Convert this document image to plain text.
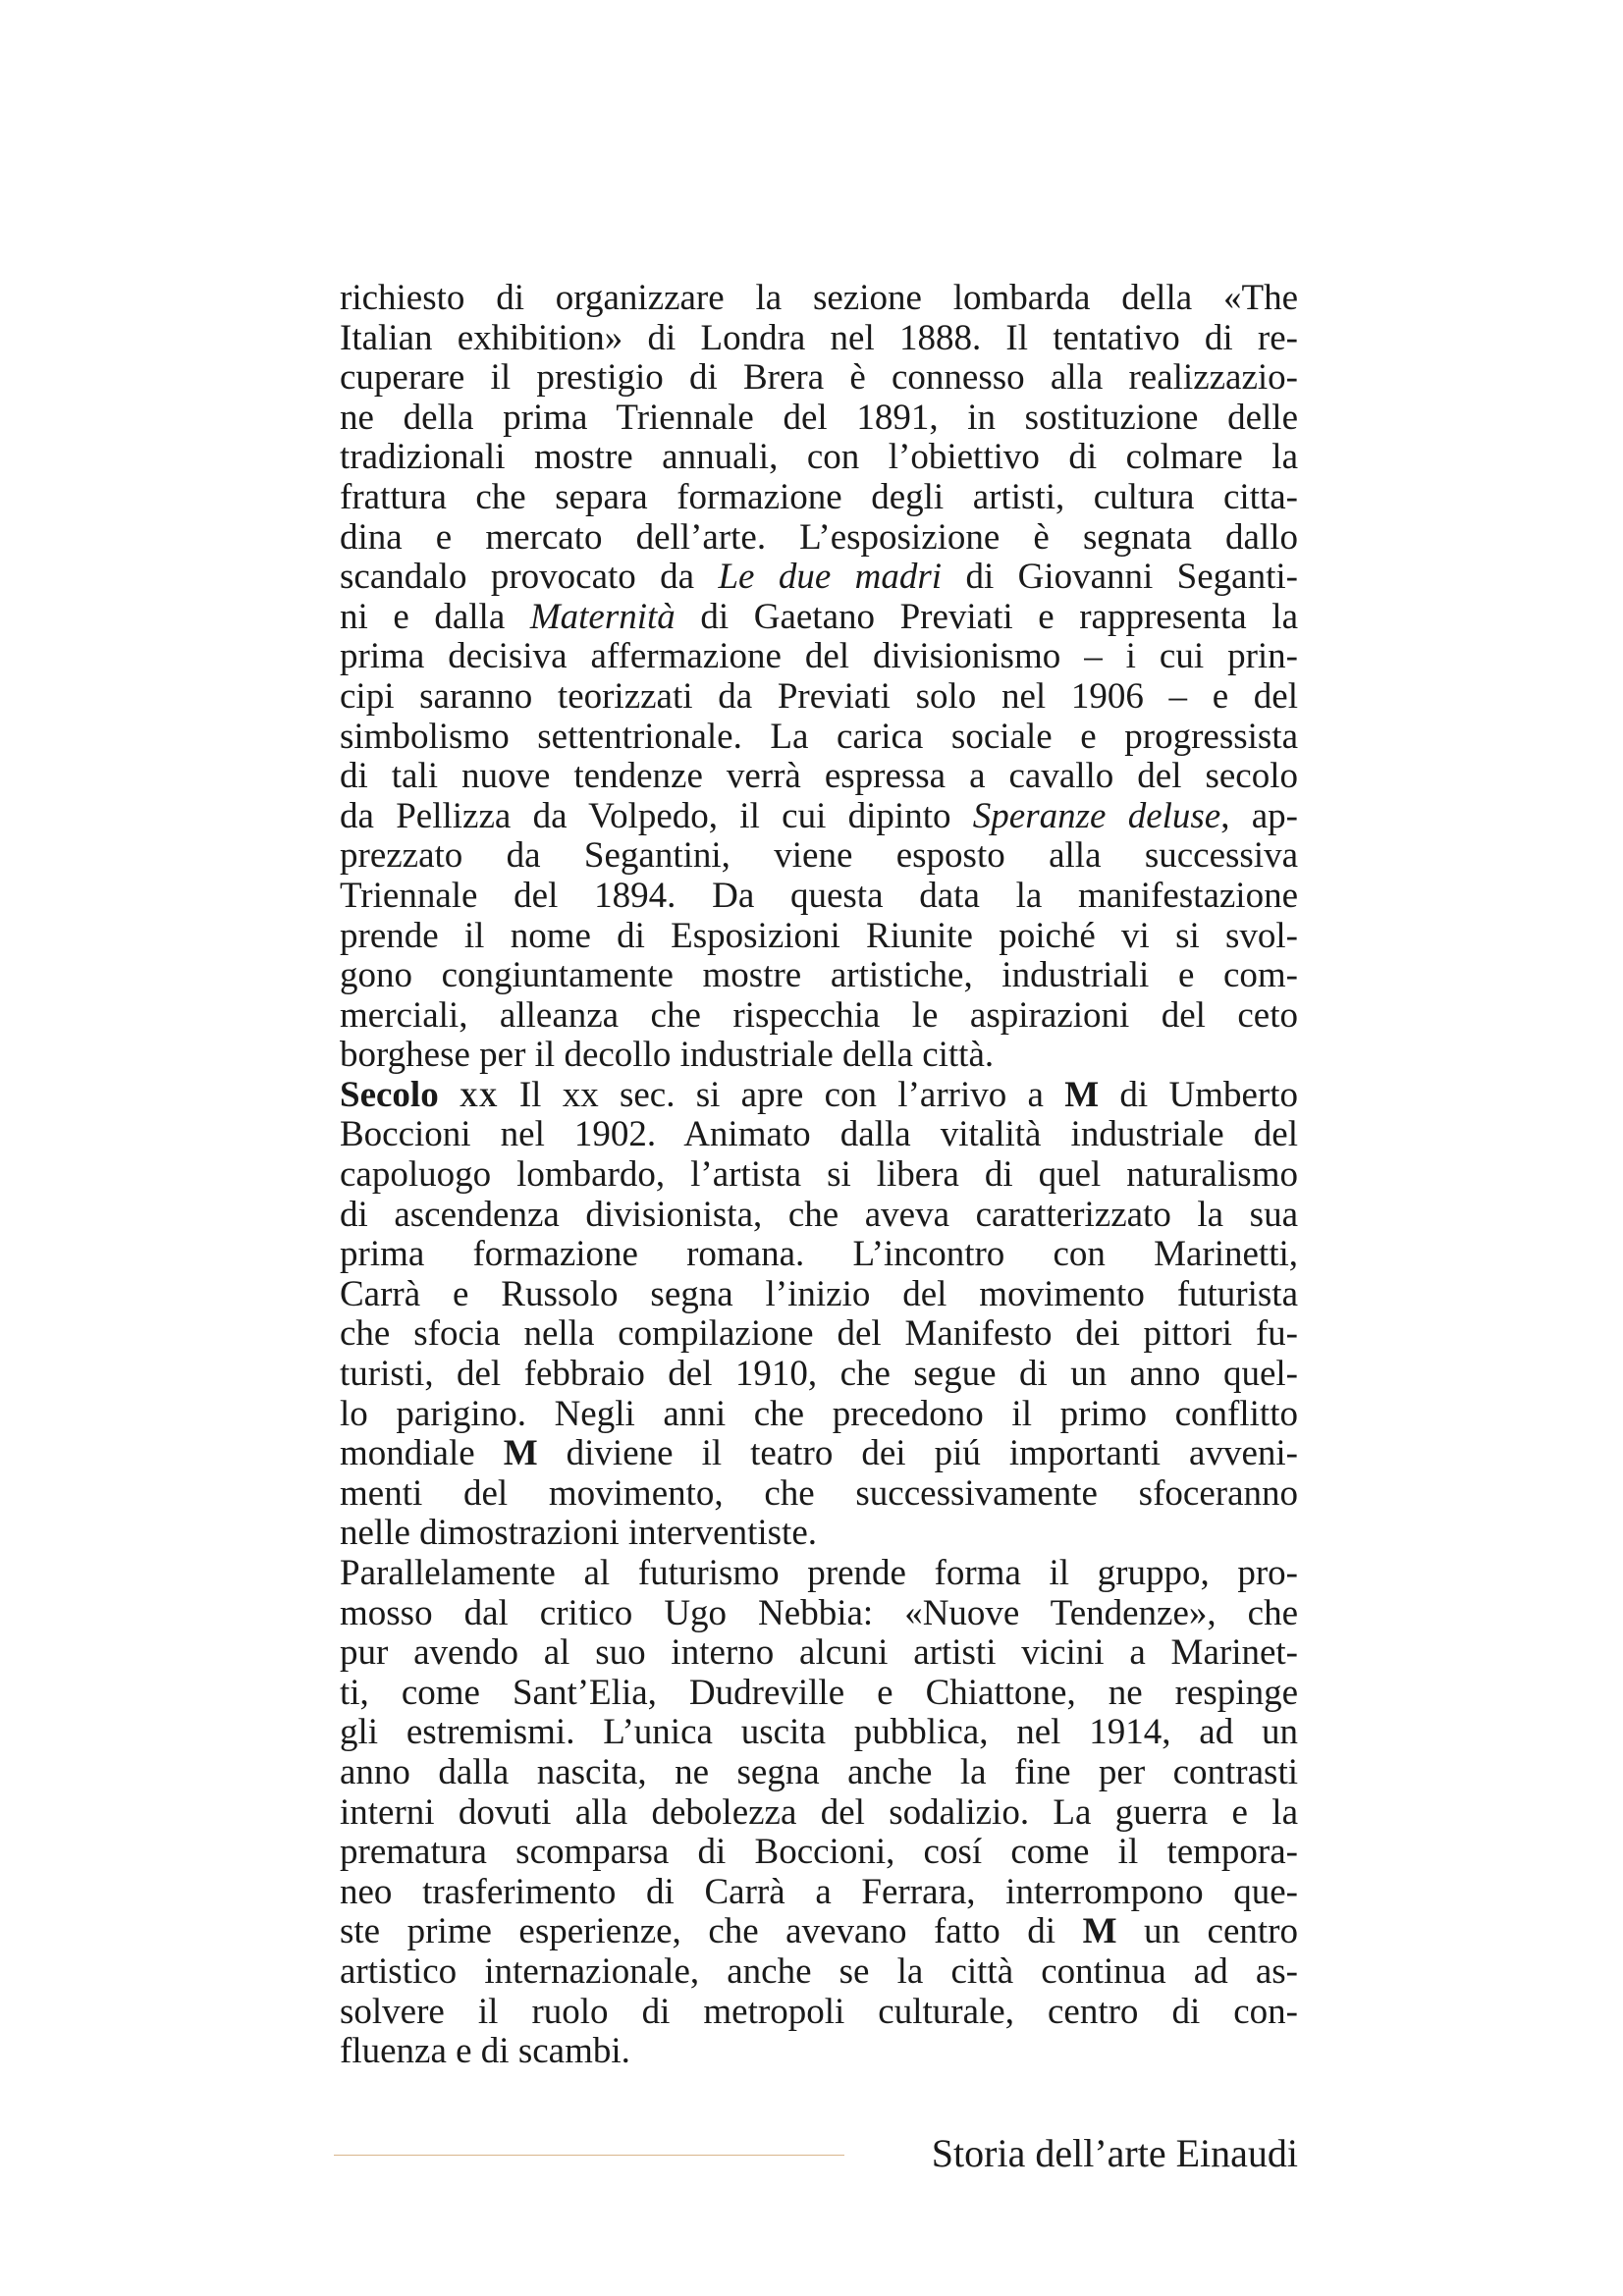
richiesto di organizzare la sezione lombarda della «The
Italian exhibition» di Londra nel 1888. Il tentativo di re-
cuperare il prestigio di Brera è connesso alla realizzazio-
ne della prima Triennale del 1891, in sostituzione delle
tradizionali mostre annuali, con l’obiettivo di colmare la
frattura che separa formazione degli artisti, cultura citta-
dina e mercato dell’arte. L’esposizione è segnata dallo
scandalo provocato da Le due madri di Giovanni Seganti-
ni e dalla Maternità di Gaetano Previati e rappresenta la
prima decisiva affermazione del divisionismo – i cui prin-
cipi saranno teorizzati da Previati solo nel 1906 – e del
simbolismo settentrionale. La carica sociale e progressista
di tali nuove tendenze verrà espressa a cavallo del secolo
da Pellizza da Volpedo, il cui dipinto Speranze deluse, ap-
prezzato da Segantini, viene esposto alla successiva
Triennale del 1894. Da questa data la manifestazione
prende il nome di Esposizioni Riunite poiché vi si svol-
gono congiuntamente mostre artistiche, industriali e com-
merciali, alleanza che rispecchia le aspirazioni del ceto
borghese per il decollo industriale della città.
Secolo xx Il xx sec. si apre con l’arrivo a M di Umberto
Boccioni nel 1902. Animato dalla vitalità industriale del
capoluogo lombardo, l’artista si libera di quel naturalismo
di ascendenza divisionista, che aveva caratterizzato la sua
prima formazione romana. L’incontro con Marinetti,
Carrà e Russolo segna l’inizio del movimento futurista
che sfocia nella compilazione del Manifesto dei pittori fu-
turisti, del febbraio del 1910, che segue di un anno quel-
lo parigino. Negli anni che precedono il primo conflitto
mondiale M diviene il teatro dei piú importanti avveni-
menti del movimento, che successivamente sfoceranno
nelle dimostrazioni interventiste.
Parallelamente al futurismo prende forma il gruppo, pro-
mosso dal critico Ugo Nebbia: «Nuove Tendenze», che
pur avendo al suo interno alcuni artisti vicini a Marinet-
ti, come Sant’Elia, Dudreville e Chiattone, ne respinge
gli estremismi. L’unica uscita pubblica, nel 1914, ad un
anno dalla nascita, ne segna anche la fine per contrasti
interni dovuti alla debolezza del sodalizio. La guerra e la
prematura scomparsa di Boccioni, cosí come il tempora-
neo trasferimento di Carrà a Ferrara, interrompono que-
ste prime esperienze, che avevano fatto di M un centro
artistico internazionale, anche se la città continua ad as-
solvere il ruolo di metropoli culturale, centro di con-
fluenza e di scambi.
Storia dell’arte Einaudi
